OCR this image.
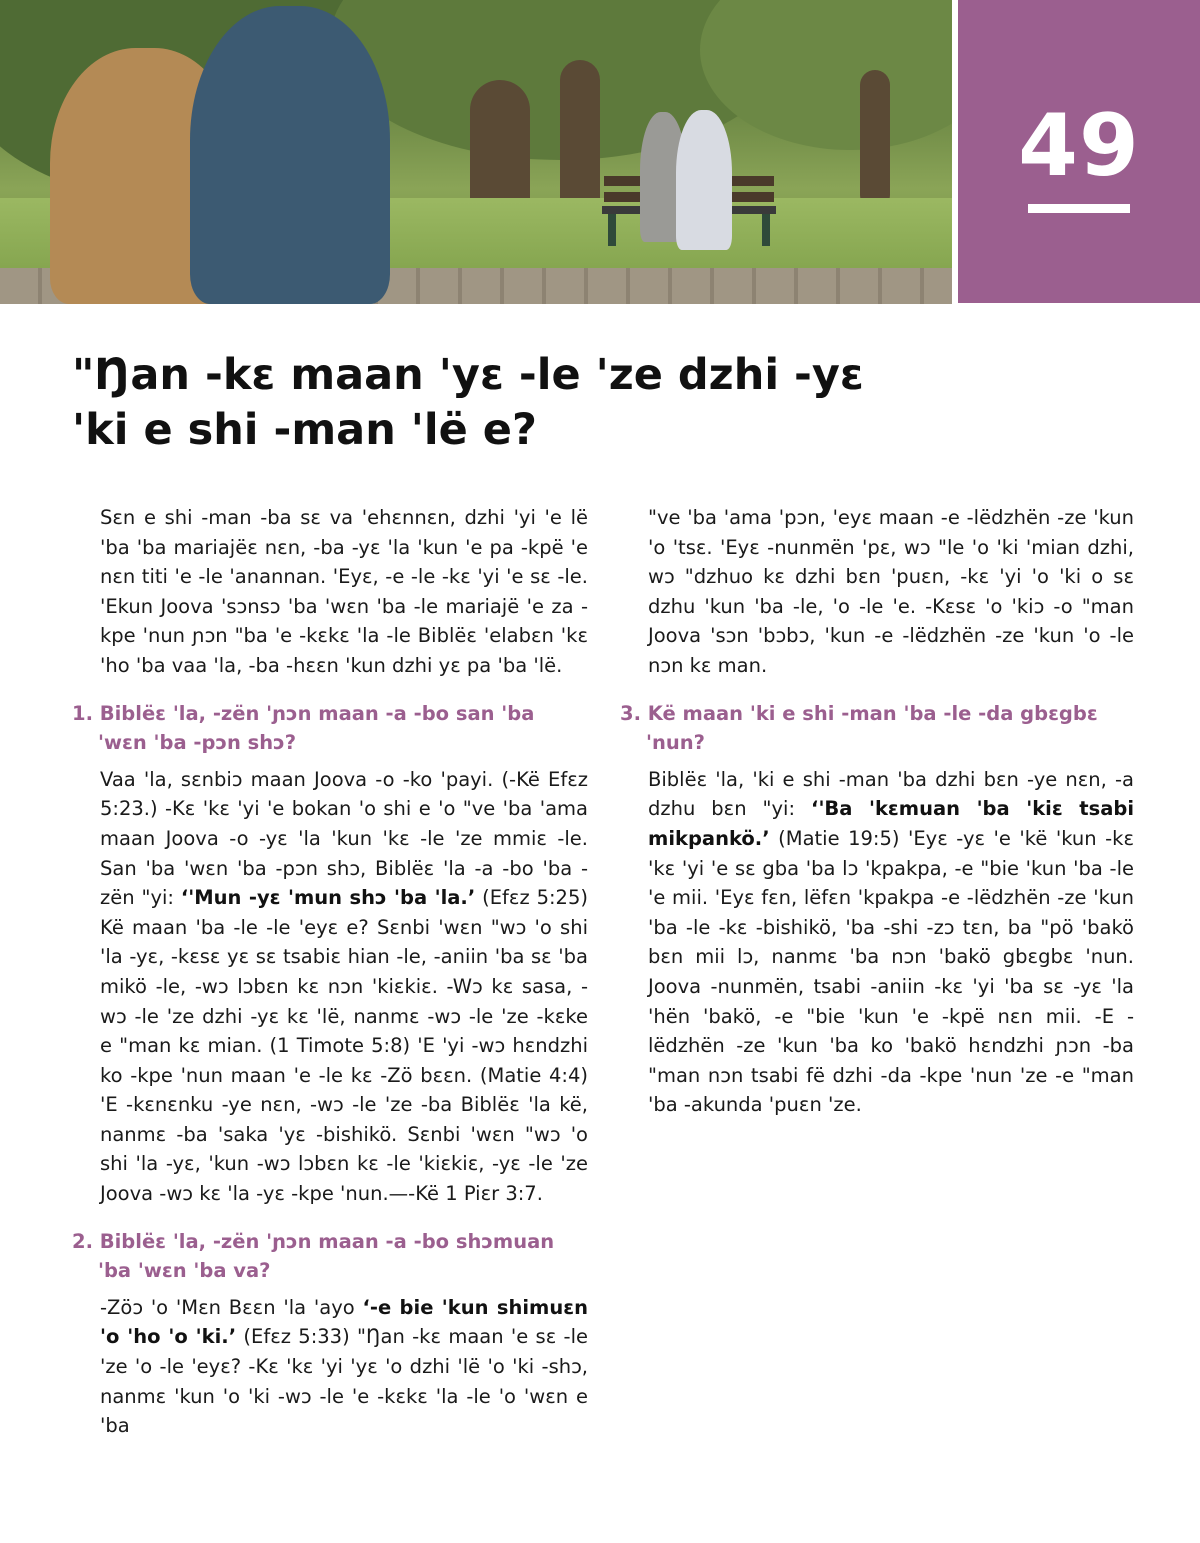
49
"Ŋan -kɛ maan 'yɛ -le 'ze dzhi -yɛ
'ki e shi -man 'lë e?

Sɛn e shi -man -ba sɛ va 'ehɛnnɛn, dzhi 'yi 'e lë 'ba 'ba mariajëɛ nɛn, -ba -yɛ 'la 'kun 'e pa -kpë 'e nɛn titi 'e -le 'anannan. 'Eyɛ, -e -le -kɛ 'yi 'e sɛ -le. 'Ekun Joova 'sɔnsɔ 'ba 'wɛn 'ba -le mariajë 'e za -kpe 'nun ɲɔn "ba 'e -kɛkɛ 'la -le Biblëɛ 'elabɛn 'kɛ 'ho 'ba vaa 'la, -ba -hɛɛn 'kun dzhi yɛ pa 'ba 'lë.

1. Biblëɛ 'la, -zën 'ɲɔn maan -a -bo san 'ba 'wɛn 'ba -pɔn shɔ?

Vaa 'la, sɛnbiɔ maan Joova -o -ko 'payi. (-Kë Efɛz 5:23.) -Kɛ 'kɛ 'yi 'e bokan 'o shi e 'o "ve 'ba 'ama maan Joova -o -yɛ 'la 'kun 'kɛ -le 'ze mmiɛ -le. San 'ba 'wɛn 'ba -pɔn shɔ, Biblëɛ 'la -a -bo 'ba -zën "yi: ‘'Mun -yɛ 'mun shɔ 'ba 'la.’ (Efɛz 5:25) Kë maan 'ba -le -le 'eyɛ e? Sɛnbi 'wɛn "wɔ 'o shi 'la -yɛ, -kɛsɛ yɛ sɛ tsabiɛ hian -le, -aniin 'ba sɛ 'ba mikö -le, -wɔ lɔbɛn kɛ nɔn 'kiɛkiɛ. -Wɔ kɛ sasa, -wɔ -le 'ze dzhi -yɛ kɛ 'lë, nanmɛ -wɔ -le 'ze -kɛke e "man kɛ mian. (1 Timote 5:8) 'E 'yi -wɔ hɛndzhi ko -kpe 'nun maan 'e -le kɛ -Zö bɛɛn. (Matie 4:4) 'E -kɛnɛnku -ye nɛn, -wɔ -le 'ze -ba Biblëɛ 'la kë, nanmɛ -ba 'saka 'yɛ -bishikö. Sɛnbi 'wɛn "wɔ 'o shi 'la -yɛ, 'kun -wɔ lɔbɛn kɛ -le 'kiɛkiɛ, -yɛ -le 'ze Joova -wɔ kɛ 'la -yɛ -kpe 'nun.—-Kë 1 Piɛr 3:7.

2. Biblëɛ 'la, -zën 'ɲɔn maan -a -bo shɔmuan 'ba 'wɛn 'ba va?

-Zöɔ 'o 'Mɛn Bɛɛn 'la 'ayo ‘-e bie 'kun shimuɛn 'o 'ho 'o 'ki.’ (Efɛz 5:33) "Ŋan -kɛ maan 'e sɛ -le 'ze 'o -le 'eyɛ? -Kɛ 'kɛ 'yi 'yɛ 'o dzhi 'lë 'o 'ki -shɔ, nanmɛ 'kun 'o 'ki -wɔ -le 'e -kɛkɛ 'la -le 'o 'wɛn e 'ba

"ve 'ba 'ama 'pɔn, 'eyɛ maan -e -lëdzhën -ze 'kun 'o 'tsɛ. 'Eyɛ -nunmën 'pɛ, wɔ "le 'o 'ki 'mian dzhi, wɔ "dzhuo kɛ dzhi bɛn 'puɛn, -kɛ 'yi 'o 'ki o sɛ dzhu 'kun 'ba -le, 'o -le 'e. -Kɛsɛ 'o 'kiɔ -o "man Joova 'sɔn 'bɔbɔ, 'kun -e -lëdzhën -ze 'kun 'o -le nɔn kɛ man.

3. Kë maan 'ki e shi -man 'ba -le -da gbɛgbɛ 'nun?

Biblëɛ 'la, 'ki e shi -man 'ba dzhi bɛn -ye nɛn, -a dzhu bɛn "yi: ‘'Ba 'kɛmuan 'ba 'kiɛ tsabi mikpankö.’ (Matie 19:5) 'Eyɛ -yɛ 'e 'kë 'kun -kɛ 'kɛ 'yi 'e sɛ gba 'ba lɔ 'kpakpa, -e "bie 'kun 'ba -le 'e mii. 'Eyɛ fɛn, lëfɛn 'kpakpa -e -lëdzhën -ze 'kun 'ba -le -kɛ -bishikö, 'ba -shi -zɔ tɛn, ba "pö 'bakö bɛn mii lɔ, nanmɛ 'ba nɔn 'bakö gbɛgbɛ 'nun. Joova -nunmën, tsabi -aniin -kɛ 'yi 'ba sɛ -yɛ 'la 'hën 'bakö, -e "bie 'kun 'e -kpë nɛn mii. -E -lëdzhën -ze 'kun 'ba ko 'bakö hɛndzhi ɲɔn -ba "man nɔn tsabi fë dzhi -da -kpe 'nun 'ze -e "man 'ba -akunda 'puɛn 'ze.
